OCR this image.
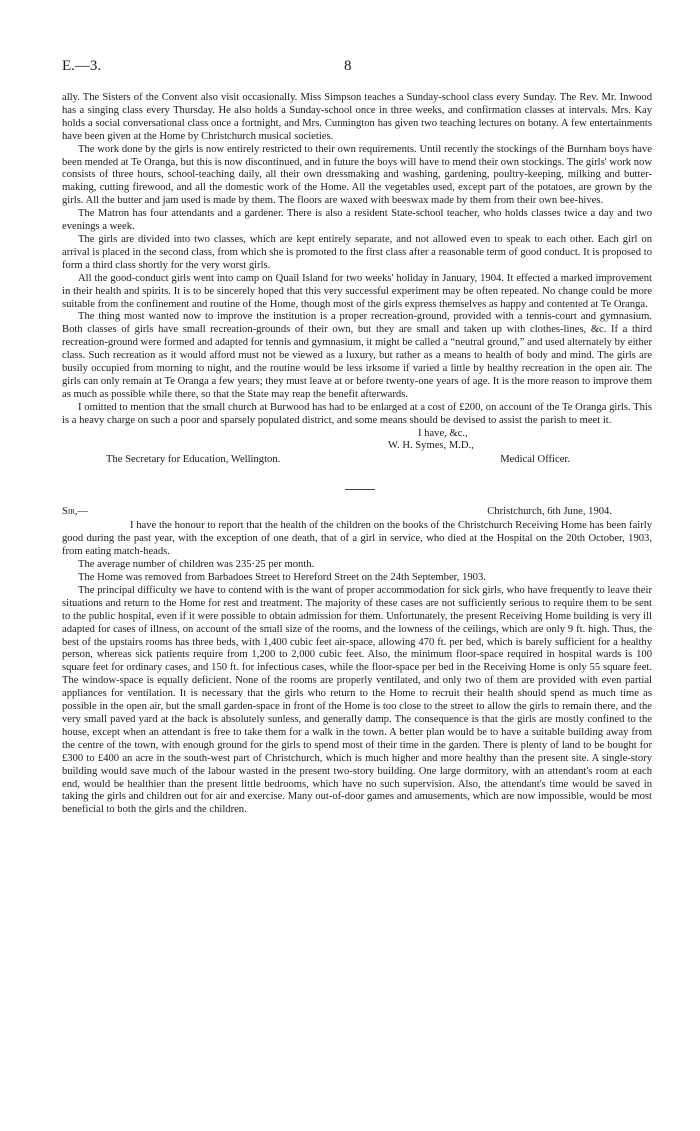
E.—3.	8

ally. The Sisters of the Convent also visit occasionally. Miss Simpson teaches a Sunday-school class every Sunday. The Rev. Mr. Inwood has a singing class every Thursday. He also holds a Sunday-school once in three weeks, and confirmation classes at intervals. Mrs. Kay holds a social conversational class once a fortnight, and Mrs. Cunnington has given two teaching lectures on botany. A few entertainments have been given at the Home by Christchurch musical societies.

The work done by the girls is now entirely restricted to their own requirements. Until recently the stockings of the Burnham boys have been mended at Te Oranga, but this is now discontinued, and in future the boys will have to mend their own stockings. The girls' work now consists of three hours, school-teaching daily, all their own dressmaking and washing, gardening, poultry-keeping, milking and butter-making, cutting firewood, and all the domestic work of the Home. All the vegetables used, except part of the potatoes, are grown by the girls. All the butter and jam used is made by them. The floors are waxed with beeswax made by them from their own bee-hives.

The Matron has four attendants and a gardener. There is also a resident State-school teacher, who holds classes twice a day and two evenings a week.

The girls are divided into two classes, which are kept entirely separate, and not allowed even to speak to each other. Each girl on arrival is placed in the second class, from which she is promoted to the first class after a reasonable term of good conduct. It is proposed to form a third class shortly for the very worst girls.

All the good-conduct girls went into camp on Quail Island for two weeks' holiday in January, 1904. It effected a marked improvement in their health and spirits. It is to be sincerely hoped that this very successful experiment may be often repeated. No change could be more suitable from the confinement and routine of the Home, though most of the girls express themselves as happy and contented at Te Oranga.

The thing most wanted now to improve the institution is a proper recreation-ground, provided with a tennis-court and gymnasium. Both classes of girls have small recreation-grounds of their own, but they are small and taken up with clothes-lines, &c. If a third recreation-ground were formed and adapted for tennis and gymnasium, it might be called a “neutral ground,” and used alternately by either class. Such recreation as it would afford must not be viewed as a luxury, but rather as a means to health of body and mind. The girls are busily occupied from morning to night, and the routine would be less irksome if varied a little by healthy recreation in the open air. The girls can only remain at Te Oranga a few years; they must leave at or before twenty-one years of age. It is the more reason to improve them as much as possible while there, so that the State may reap the benefit afterwards.

I omitted to mention that the small church at Burwood has had to be enlarged at a cost of £200, on account of the Te Oranga girls. This is a heavy charge on such a poor and sparsely populated district, and some means should be devised to assist the parish to meet it.

I have, &c.,

W. H. Symes, M.D.,

The Secretary for Education, Wellington.	Medical Officer.
Sir,—	Christchurch, 6th June, 1904.

I have the honour to report that the health of the children on the books of the Christchurch Receiving Home has been fairly good during the past year, with the exception of one death, that of a girl in service, who died at the Hospital on the 20th October, 1903, from eating match-heads.

The average number of children was 235·25 per month.

The Home was removed from Barbadoes Street to Hereford Street on the 24th September, 1903.

The principal difficulty we have to contend with is the want of proper accommodation for sick girls, who have frequently to leave their situations and return to the Home for rest and treatment. The majority of these cases are not sufficiently serious to require them to be sent to the public hospital, even if it were possible to obtain admission for them. Unfortunately, the present Receiving Home building is very ill adapted for cases of illness, on account of the small size of the rooms, and the lowness of the ceilings, which are only 9 ft. high. Thus, the best of the upstairs rooms has three beds, with 1,400 cubic feet air-space, allowing 470 ft. per bed, which is barely sufficient for a healthy person, whereas sick patients require from 1,200 to 2,000 cubic feet. Also, the minimum floor-space required in hospital wards is 100 square feet for ordinary cases, and 150 ft. for infectious cases, while the floor-space per bed in the Receiving Home is only 55 square feet. The window-space is equally deficient. None of the rooms are properly ventilated, and only two of them are provided with even partial appliances for ventilation. It is necessary that the girls who return to the Home to recruit their health should spend as much time as possible in the open air, but the small garden-space in front of the Home is too close to the street to allow the girls to remain there, and the very small paved yard at the back is absolutely sunless, and generally damp. The consequence is that the girls are mostly confined to the house, except when an attendant is free to take them for a walk in the town. A better plan would be to have a suitable building away from the centre of the town, with enough ground for the girls to spend most of their time in the garden. There is plenty of land to be bought for £300 to £400 an acre in the south-west part of Christchurch, which is much higher and more healthy than the present site. A single-story building would save much of the labour wasted in the present two-story building. One large dormitory, with an attendant's room at each end, would be healthier than the present little bedrooms, which have no such supervision. Also, the attendant's time would be saved in taking the girls and children out for air and exercise. Many out-of-door games and amusements, which are now impossible, would be most beneficial to both the girls and the children.
